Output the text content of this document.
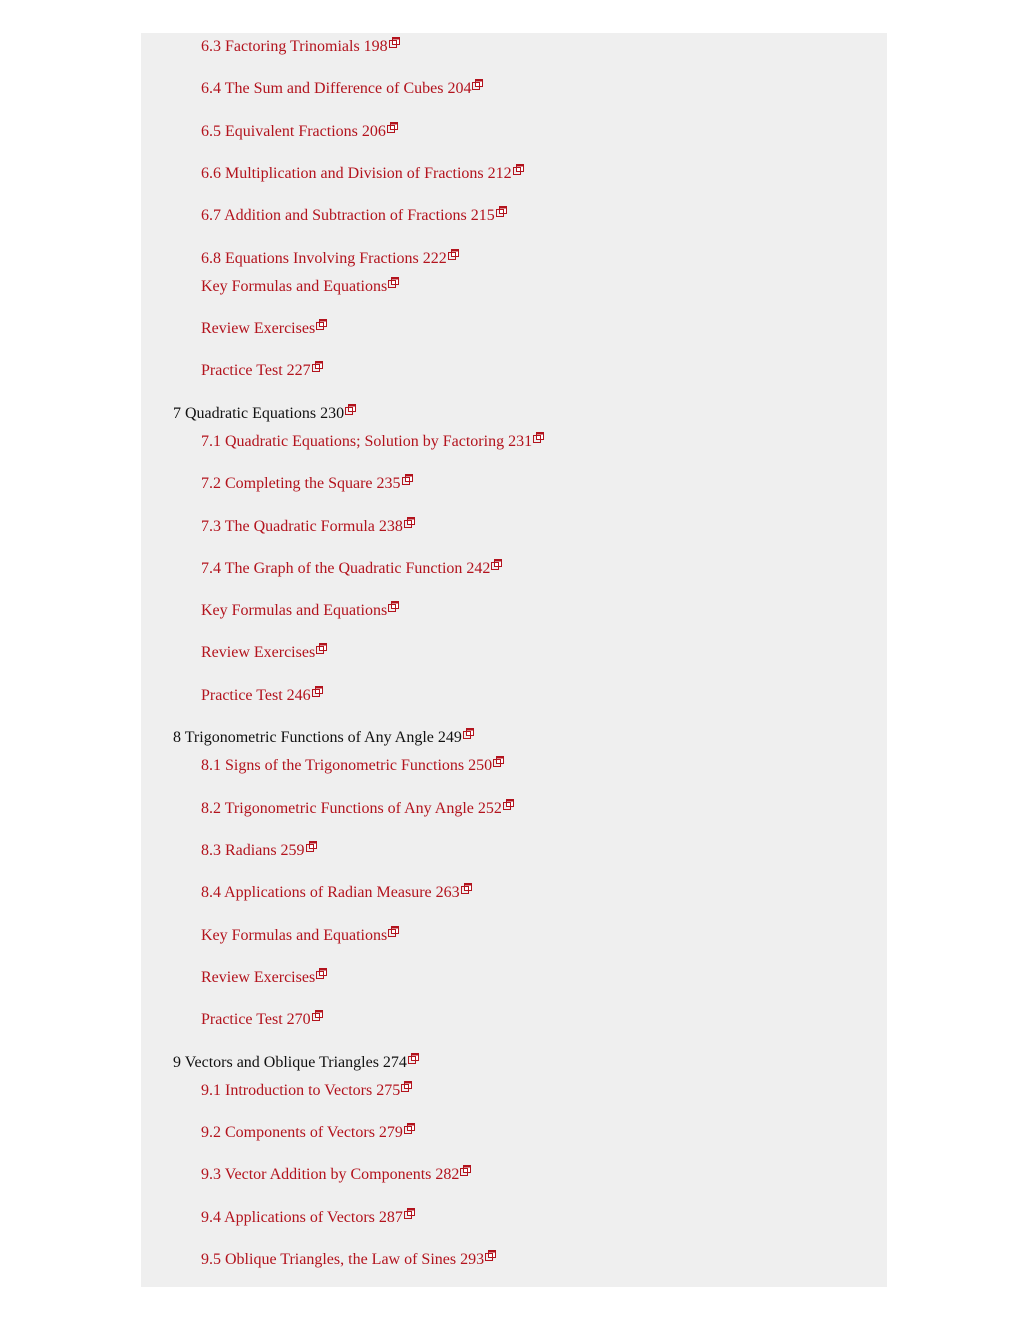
6.3 Factoring Trinomials 198
6.4 The Sum and Difference of Cubes 204
6.5 Equivalent Fractions 206
6.6 Multiplication and Division of Fractions 212
6.7 Addition and Subtraction of Fractions 215
6.8 Equations Involving Fractions 222
Key Formulas and Equations
Review Exercises
Practice Test 227
7 Quadratic Equations 230
7.1 Quadratic Equations; Solution by Factoring 231
7.2 Completing the Square 235
7.3 The Quadratic Formula 238
7.4 The Graph of the Quadratic Function 242
Key Formulas and Equations
Review Exercises
Practice Test 246
8 Trigonometric Functions of Any Angle 249
8.1 Signs of the Trigonometric Functions 250
8.2 Trigonometric Functions of Any Angle 252
8.3 Radians 259
8.4 Applications of Radian Measure 263
Key Formulas and Equations
Review Exercises
Practice Test 270
9 Vectors and Oblique Triangles 274
9.1 Introduction to Vectors 275
9.2 Components of Vectors 279
9.3 Vector Addition by Components 282
9.4 Applications of Vectors 287
9.5 Oblique Triangles, the Law of Sines 293
